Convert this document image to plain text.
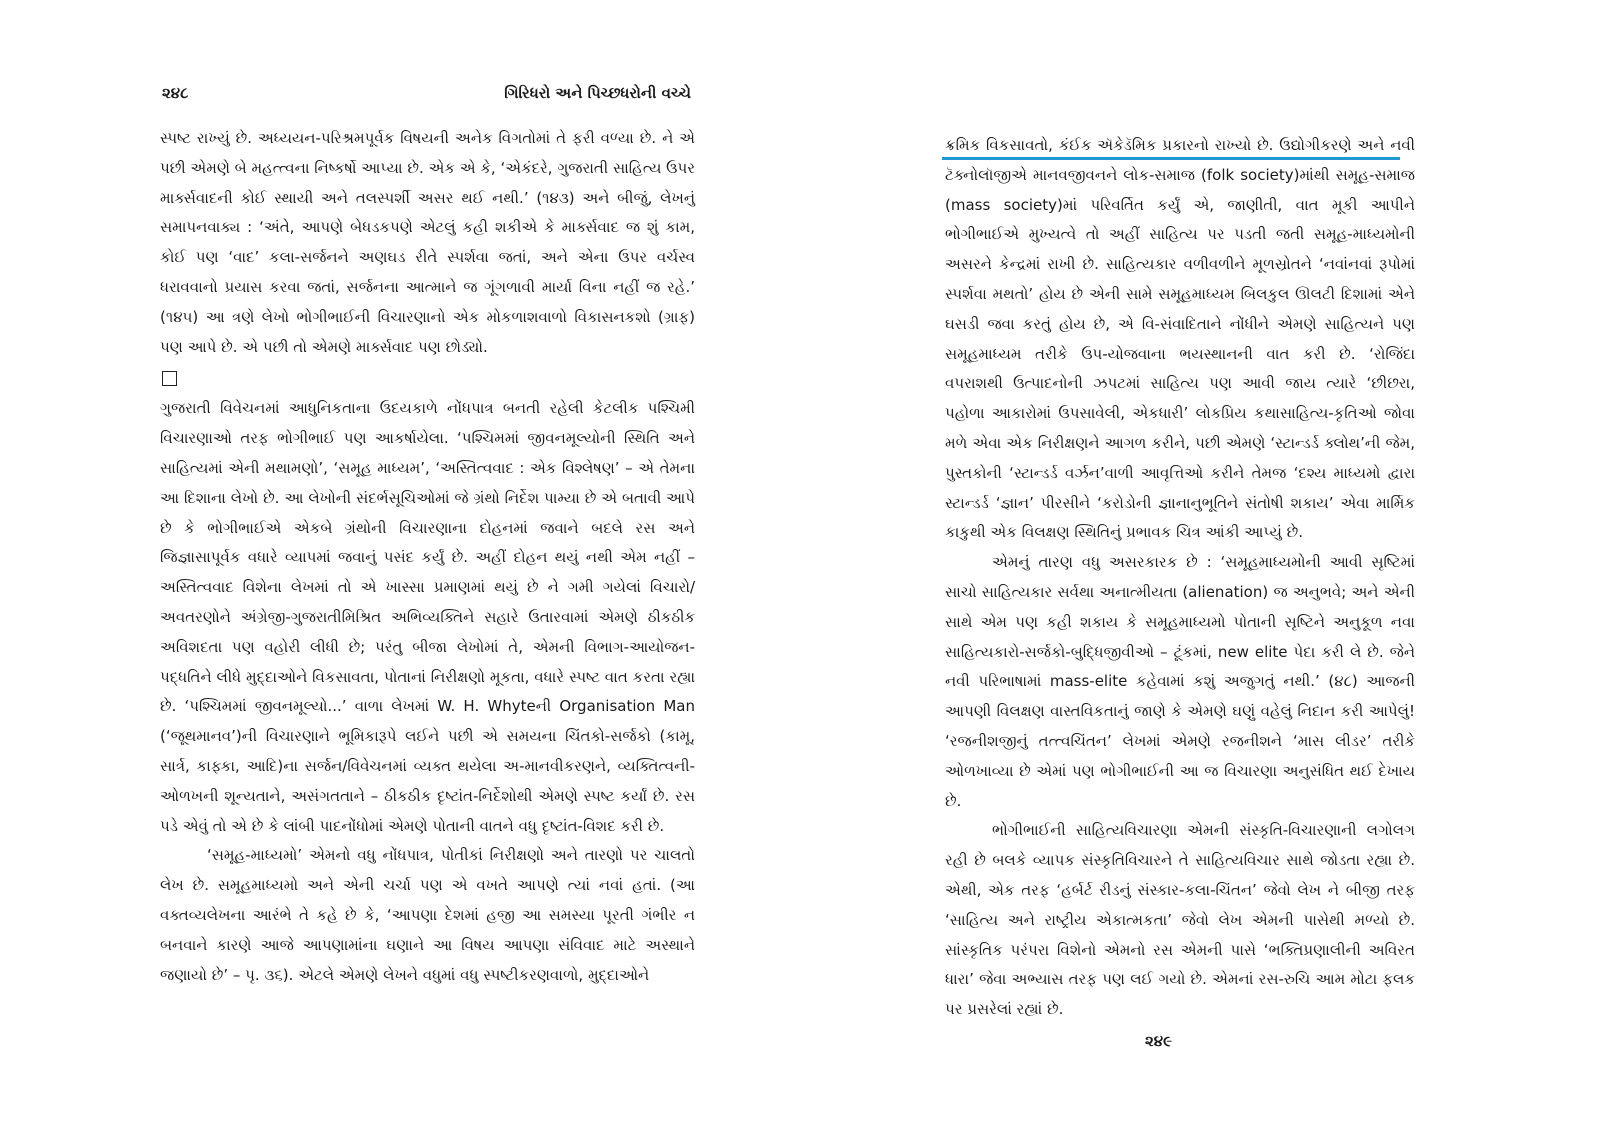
૨૪૮	ગિરિધરો અને પિચ્છધરોની વચ્ચે

સ્પષ્ટ રાખ્યું છે. અધ્યયન-પરિશ્રમપૂર્વક વિષયની અનેક વિગતોમાં તે ફરી વળ્યા છે. ને એ પછી એમણે બે મહત્ત્વના નિષ્કર્ષો આપ્યા છે. એક એ કે, ‘એકંદરે, ગુજરાતી સાહિત્ય ઉપર માર્ક્સવાદની કોઈ સ્થાયી અને તલસ્પર્શી અસર થઈ નથી.’ (૧૪૩) અને બીજું, લેખનું સમાપનવાક્ય : ‘અંતે, આપણે બેધડકપણે એટલું કહી શકીએ કે માર્ક્સવાદ જ શું કામ, કોઈ પણ ‘વાદ’ કલા-સર્જનને અણઘડ રીતે સ્પર્શવા જતાં, અને એના ઉપર વર્ચસ્વ ધરાવવાનો પ્રયાસ કરવા જતાં, સર્જનના આત્માને જ ગૂંગળાવી માર્યા વિના નહીં જ રહે.’ (૧૪૫) આ ત્રણે લેખો ભોગીભાઈની વિચારણાનો એક મોકળાશવાળો વિકાસનકશો (ગ્રાફ) પણ આપે છે. એ પછી તો એમણે માર્ક્સવાદ પણ છોડ્યો.

ગુજરાતી વિવેચનમાં આધુનિકતાના ઉદયકાળે નોંધપાત્ર બનતી રહેલી કેટલીક પશ્ચિમી વિચારણાઓ તરફ ભોગીભાઈ પણ આકર્ષાયેલા. ‘પશ્ચિમમાં જીવનમૂલ્યોની સ્થિતિ અને સાહિત્યમાં એની મથામણો’, ‘સમૂહ માધ્યમ’, ‘અસ્તિત્વવાદ : એક વિશ્લેષણ’ – એ તેમના આ દિશાના લેખો છે. આ લેખોની સંદર્ભસૂચિઓમાં જે ગ્રંથો નિર્દેશ પામ્યા છે એ બતાવી આપે છે કે ભોગીભાઈએ એકબે ગ્રંથોની વિચારણાના દોહનમાં જવાને બદલે રસ અને જિજ્ઞાસાપૂર્વક વધારે વ્યાપમાં જવાનું પસંદ કર્યું છે. અહીં દોહન થયું નથી એમ નહીં – અસ્તિત્વવાદ વિશેના લેખમાં તો એ ખાસ્સા પ્રમાણમાં થયું છે ને ગમી ગયેલાં વિચારો/અવતરણોને અંગ્રેજી-ગુજરાતીમિશ્રિત અભિવ્યક્તિને સહારે ઉતારવામાં એમણે ઠીકઠીક અવિશદતા પણ વહોરી લીધી છે; પરંતુ બીજા લેખોમાં તે, એમની વિભાગ-આયોજન-પદ્ધતિને લીધે મુદ્દાઓને વિકસાવતા, પોતાનાં નિરીક્ષણો મૂકતા, વધારે સ્પષ્ટ વાત કરતા રહ્યા છે. ‘પશ્ચિમમાં જીવનમૂલ્યો...’ વાળા લેખમાં W. H. Whyteની Organisation Man (‘જૂથમાનવ’)ની વિચારણાને ભૂમિકારૂપે લઈને પછી એ સમયના ચિંતકો-સર્જકો (કામૂ, સાર્ત્ર, કાફ્કા, આદિ)ના સર્જન/વિવેચનમાં વ્યક્ત થયેલા અ-માનવીકરણને, વ્યક્તિત્વની-ઓળખની શૂન્યતાને, અસંગતતાને – ઠીકઠીક દૃષ્ટાંત-નિર્દેશોથી એમણે સ્પષ્ટ કર્યાં છે. રસ પડે એવું તો એ છે કે લાંબી પાદનોંધોમાં એમણે પોતાની વાતને વધુ દૃષ્ટાંત-વિશદ કરી છે.

‘સમૂહ-માધ્યમો’ એમનો વધુ નોંધપાત્ર, પોતીકાં નિરીક્ષણો અને તારણો પર ચાલતો લેખ છે. સમૂહમાધ્યમો અને એની ચર્ચા પણ એ વખતે આપણે ત્યાં નવાં હતાં. (આ વક્તવ્યલેખના આરંભે તે કહે છે કે, ‘આપણા દેશમાં હજી આ સમસ્યા પૂરતી ગંભીર ન બનવાને કારણે આજે આપણામાંના ઘણાને આ વિષય આપણા સંવિવાદ માટે અસ્થાને જણાયો છે’ – પૃ. ૩૬). એટલે એમણે લેખને વધુમાં વધુ સ્પષ્ટીકરણવાળો, મુદ્દાઓને

ક્રમિક વિકસાવતો, કંઈક ઍકેડૅમિક પ્રકારનો રાખ્યો છે. ઉદ્યોગીકરણે અને નવી ટૅક્નોલૉજીએ માનવજીવનને લોક-સમાજ (folk society)માંથી સમૂહ-સમાજ (mass society)માં પરિવર્તિત કર્યું એ, જાણીતી, વાત મૂકી આપીને ભોગીભાઈએ મુખ્યત્વે તો અહીં સાહિત્ય પર પડતી જતી સમૂહ-માધ્યમોની અસરને કેન્દ્રમાં રાખી છે. સાહિત્યકાર વળીવળીને મૂળસ્રોતને ‘નવાંનવાં રૂપોમાં સ્પર્શવા મથતો’ હોય છે એની સામે સમૂહમાધ્યમ બિલકુલ ઊલટી દિશામાં એને ઘસડી જવા કરતું હોય છે, એ વિ-સંવાદિતાને નોંધીને એમણે સાહિત્યને પણ સમૂહમાધ્યમ તરીકે ઉપ-યોજવાના ભયસ્થાનની વાત કરી છે. ‘રોજિંદા વપરાશથી ઉત્પાદનોની ઝપટમાં સાહિત્ય પણ આવી જાય ત્યારે ‘છીછરા, પહોળા આકારોમાં ઉપસાવેલી, એકધારી’ લોકપ્રિય કથાસાહિત્ય-કૃતિઓ જોવા મળે એવા એક નિરીક્ષણને આગળ કરીને, પછી એમણે ‘સ્ટાન્ડર્ડ ક્લોથ’ની જેમ, પુસ્તકોની ‘સ્ટાન્ડર્ડ વર્ઝન’વાળી આવૃત્તિઓ કરીને તેમજ ‘દશ્ય માધ્યમો દ્વારા સ્ટાન્ડર્ડ ‘જ્ઞાન’ પીરસીને ‘કરોડોની જ્ઞાનાનુભૂતિને સંતોષી શકાય’ એવા માર્મિક કાકુથી એક વિલક્ષણ સ્થિતિનું પ્રભાવક ચિત્ર આંકી આપ્યું છે.

એમનું તારણ વધુ અસરકારક છે : ‘સમૂહમાધ્યમોની આવી સૃષ્ટિમાં સાચો સાહિત્યકાર સર્વથા અનાત્મીયતા (alienation) જ અનુભવે; અને એની સાથે એમ પણ કહી શકાય કે સમૂહમાધ્યમો પોતાની સૃષ્ટિને અનુકૂળ નવા સાહિત્યકારો-સર્જકો-બુદ્ધિજીવીઓ – ટૂંકમાં, new elite પેદા કરી લે છે. જેને નવી પરિભાષામાં mass-elite કહેવામાં કશું અજુગતું નથી.’ (૪૮) આજની આપણી વિલક્ષણ વાસ્તવિકતાનું જાણે કે એમણે ઘણું વહેલું નિદાન કરી આપેલું! ‘રજનીશજીનું તત્ત્વચિંતન’ લેખમાં એમણે રજનીશને ‘માસ લીડર’ તરીકે ઓળખાવ્યા છે એમાં પણ ભોગીભાઈની આ જ વિચારણા અનુસંધિત થઈ દેખાય છે.

ભોગીભાઈની સાહિત્યવિચારણા એમની સંસ્કૃતિ-વિચારણાની લગોલગ રહી છે બલકે વ્યાપક સંસ્કૃતિવિચારને તે સાહિત્યવિચાર સાથે જોડતા રહ્યા છે. એથી, એક તરફ ‘હર્બર્ટ રીડનું સંસ્કાર-કલા-ચિંતન’ જેવો લેખ ને બીજી તરફ ‘સાહિત્ય અને રાષ્ટ્રીય એકાત્મકતા’ જેવો લેખ એમની પાસેથી મળ્યો છે. સાંસ્કૃતિક પરંપરા વિશેનો એમનો રસ એમની પાસે ‘ભક્તિપ્રણાલીની અવિરત ધારા’ જેવા અભ્યાસ તરફ પણ લઈ ગયો છે. એમનાં રસ-રુચિ આમ મોટા ફલક પર પ્રસરેલાં રહ્યાં છે.

૨૪૯
